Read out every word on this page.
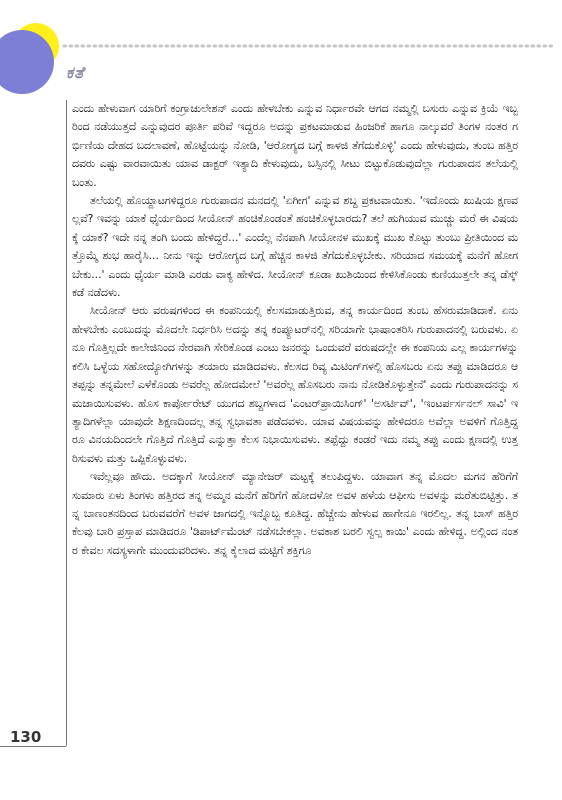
ಕತೆ

ಎಂದು ಹೇಳುವಾಗ ಯಾರಿಗೆ ಕಂಗ್ರಾಚುಲೇಶನ್ ಎಂದು ಹೇಳಬೇಕು ಎನ್ನುವ ನಿರ್ಧಾರವೇ ಆಗದ ನಮ್ಮಲ್ಲಿ ಬಸುರು ಎನ್ನುವ ಕ್ರಿಯೆ ಇಬ್ಬರಿಂದ ನಡೆಯುತ್ತದೆ ಎನ್ನುವುದರ ಪೂರ್ತಿ ಪರಿವೆ ಇದ್ದರೂ ಅದನ್ನು ಪ್ರಕಟಮಾಡುವ ಹಿಂಜರಿಕೆ ಹಾಗೂ ನಾಲ್ಕುವರೆ ತಿಂಗಳ ನಂತರ ಗರ್ಭಿಣಿಯ ದೇಹದ ಬದಲಾವಣೆ, ಹೊಟ್ಟೆಯನ್ನು ನೋಡಿ, 'ಆರೋಗ್ಯದ ಬಗ್ಗೆ ಕಾಳಜಿ ತೆಗೆದುಕೊಳ್ಳಿ' ಎಂದು ಹೇಳುವುದು, ತುಂಬ ಹತ್ತಿರದವರು ಎಷ್ಟು ವಾರವಾಯಿತು ಯಾವ ಡಾಕ್ಟರ್ ಇತ್ಯಾದಿ ಕೇಳುವುದು, ಬಸ್ಸಿನಲ್ಲಿ ಸೀಟು ಬಿಟ್ಟುಕೊಡುವುದೆಲ್ಲಾ ಗುರುಪಾದನ ತಲೆಯಲ್ಲಿ ಬಂತು.

ತಲೆಯಲ್ಲಿ ಹೊಯ್ದಾಟಗಳಿದ್ದರೂ ಗುರುಪಾದನ ಮನದಲ್ಲಿ 'ಏಗೀಗ' ಎನ್ನುವ ಶಬ್ದ ಪ್ರಕಟವಾಯಿತು. 'ಇದೊಂದು ಖುಷಿಯ ಕ್ಷಣವಲ್ಲವೆ? ಇವನ್ನು ಯಾಕೆ ಧೈರ್ಯದಿಂದ ಸೀಯೋನ್ ಹಂಚಿಕೊಂಡಂತೆ ಹಂಚಿಕೊಳ್ಳಬಾರದು? ತಲೆ ಹುಗಿಯುವ ಮುಚ್ಚು ಮರೆ ಈ ವಿಷಯಕ್ಕೆ ಯಾಕೆ? ಇದೇ ನನ್ನ ತಂಗಿ ಬಂದು ಹೇಳಿದ್ದರೆ...' ಎಂದೆಲ್ಲ ನೆನಪಾಗಿ ಸೀಯೋನಳ ಮುಖಕ್ಕೆ ಮುಖ ಕೊಟ್ಟು ತುಂಬು ಪ್ರೀತಿಯಿಂದ ಮತ್ತೊಮ್ಮೆ ಶುಭ ಹಾರೈಸಿ... ನೀನು ಇನ್ನು ಆರೋಗ್ಯದ ಬಗ್ಗೆ ಹೆಚ್ಚಿನ ಕಾಳಜಿ ತೆಗೆದುಕೊಳ್ಳಬೇಕು. ಸರಿಯಾದ ಸಮಯಕ್ಕೆ ಮನೆಗೆ ಹೋಗಬೇಕು...' ಎಂದು ಧೈರ್ಯ ಮಾಡಿ ಎರಡು ವಾಕ್ಯ ಹೇಳಿದ. ಸೀಯೋನ್ ಕೂಡಾ ಖುಶಿಯಿಂದ ಕೇಳಿಸಿಕೊಂಡು ಕುಣಿಯುತ್ತಲೇ ತನ್ನ ಡೆಸ್ಕ್ ಕಡೆ ನಡೆದಳು.

ಸೀಯೋನ್ ಆರು ವರುಷಗಳಿಂದ ಈ ಕಂಪನಿಯಲ್ಲಿ ಕೆಲಸಮಾಡುತ್ತಿರುವ, ತನ್ನ ಕಾರ್ಯದಿಂದ ತುಂಬ ಹೆಸರುಮಾಡಿದಾಕೆ. ಏನು ಹೇಳಬೇಕು ಎಂಬುದನ್ನು ಮೊದಲೇ ನಿರ್ಧರಿಸಿ ಅದನ್ನು ತನ್ನ ಕಂಪ್ಯೂಟರ್‌ನಲ್ಲಿ ಸರಿಯಾಗೇ ಭಾಷಾಂತರಿಸಿ ಗುರುಪಾದನಲ್ಲಿ ಬರುವಳು. ಏನೂ ಗೊತ್ತಿಲ್ಲದೇ ಕಾಲೇಜಿನಿಂದ ನೇರವಾಗಿ ಸೇರಿಕೊಂಡ ಎಂಟು ಜನರನ್ನು ಒಂದುವರೆ ವರುಷದಲ್ಲೇ ಈ ಕಂಪನಿಯ ಎಲ್ಲ ಕಾರ್ಯಗಳನ್ನು ಕಲಿಸಿ ಒಳ್ಳೆಯ ಸಹೋದ್ಯೋಗಿಗಳನ್ನು ತಯಾರು ಮಾಡಿದವಳು. ಕೆಲಸದ ರಿವ್ಯ ಮಿಟಿಂಗ್‌ಗಳಲ್ಲಿ ಹೊಸಬರು ಏನು ತಪ್ಪು ಮಾಡಿದರೂ ಆ ತಪ್ಪನ್ನು ತನ್ನಮೇಲೆ ಎಳೆಕೊಂಡು ಅವರೆಲ್ಲ ಹೋದಮೇಲೆ 'ಅವರೆಲ್ಲ ಹೊಸಬರು ನಾನು ನೋಡಿಕೊಳ್ಳುತ್ತೇನೆ' ಎಂದು ಗುರುಪಾದನನ್ನು ಸಮಜಾಯಿಸುವಳು. ಹೊಸ ಕಾರ್ಪೋರೇಟ್ ಯುಗದ ಶಬ್ದಗಳಾದ 'ಎಂಟರ್‌ಪ್ರಾಯಿಸಿಂಗ್' 'ಅಸರ್ಟಿವ್', 'ಇಂಟರ್ಪರ್ಸನಲ್ ಸಾವಿ' ಇತ್ಯಾದಿಗಳೆಲ್ಲಾ ಯಾವುದೇ ಶಿಕ್ಷಣದಿಂದಲ್ಲ ತನ್ನ ಸ್ವಭಾವತಾ ಪಡೆದವಳು. ಯಾವ ವಿಷಯವನ್ನು ಹೇಳಿದರೂ ಅವೆಲ್ಲಾ ಅವಳಿಗೆ ಗೊತ್ತಿದ್ದರೂ ವಿನಯದಿಂದಲೇ ಗೊತ್ತಿದೆ ಗೊತ್ತಿದೆ ಎನ್ನುತ್ತಾ ಕೆಲಸ ನಿಭಾಯಿಸುವಳು. ತಪ್ಪೆದ್ದು ಕಂಡರೆ ಇದು ನಮ್ಮ ತಪ್ಪು ಎಂದು ಕ್ಷಣದಲ್ಲಿ ಉತ್ತರಿಸುವಳು ಮತ್ತು ಒಪ್ಪಿಕೊಳ್ಳುವಳು.

ಇವೆಲ್ಲವೂ ಹೌದು. ಅದಕ್ಕಾಗೆ ಸೀಯೋನ್ ಮ್ಯಾನೇಜರ್ ಮಟ್ಟಕ್ಕೆ ತಲುಪಿದ್ದಳು. ಯಾವಾಗ ತನ್ನ ಮೊದಲ ಮಗನ ಹೆರಿಗೆಗೆ ಸುಮಾರು ಏಳು ತಿಂಗಳು ಹತ್ತಿರದ ತನ್ನ ಅಮ್ಮನ ಮನೆಗೆ ಹೆರಿಗೆಗೆ ಹೋದಳೋ ಅವಳ ಹಳೆಯ ಆಫೀಸು ಅವಳನ್ನು ಮರೆತುಬಿಟ್ಟಿತ್ತು. ತನ್ನ ಬಾಣಂತನದಿಂದ ಬರುವವರೆಗೆ ಅವಳ ಜಾಗದಲ್ಲಿ ಇನ್ನೊಬ್ಬ ಕೂತಿದ್ದ. ಹೆಚ್ಚೇನು ಹೇಳುವ ಹಾಗೇನೂ ಇರಲಿಲ್ಲ. ತನ್ನ ಬಾಸ್ ಹತ್ತಿರ ಕೆಲವು ಬಾರಿ ಪ್ರಸ್ತಾಪ ಮಾಡಿದರೂ 'ಡಿಪಾರ್ಟ್‌ಮೆಂಟ್ ನಡೆಸಬೇಕಲ್ಲಾ. ಅವಕಾಶ ಬರಲಿ ಸ್ವಲ್ಪ ಕಾಯಿ' ಎಂದು ಹೇಳಿದ್ದ. ಅಲ್ಲಿಂದ ನಂತರ ಕೇವಲ ಸದಸ್ಯಳಾಗೇ ಮುಂದುವರಿದಳು. ತನ್ನ ಕೈಲಾದ ಮಟ್ಟಿಗೆ ಶಕ್ತಿಗೂ

130
